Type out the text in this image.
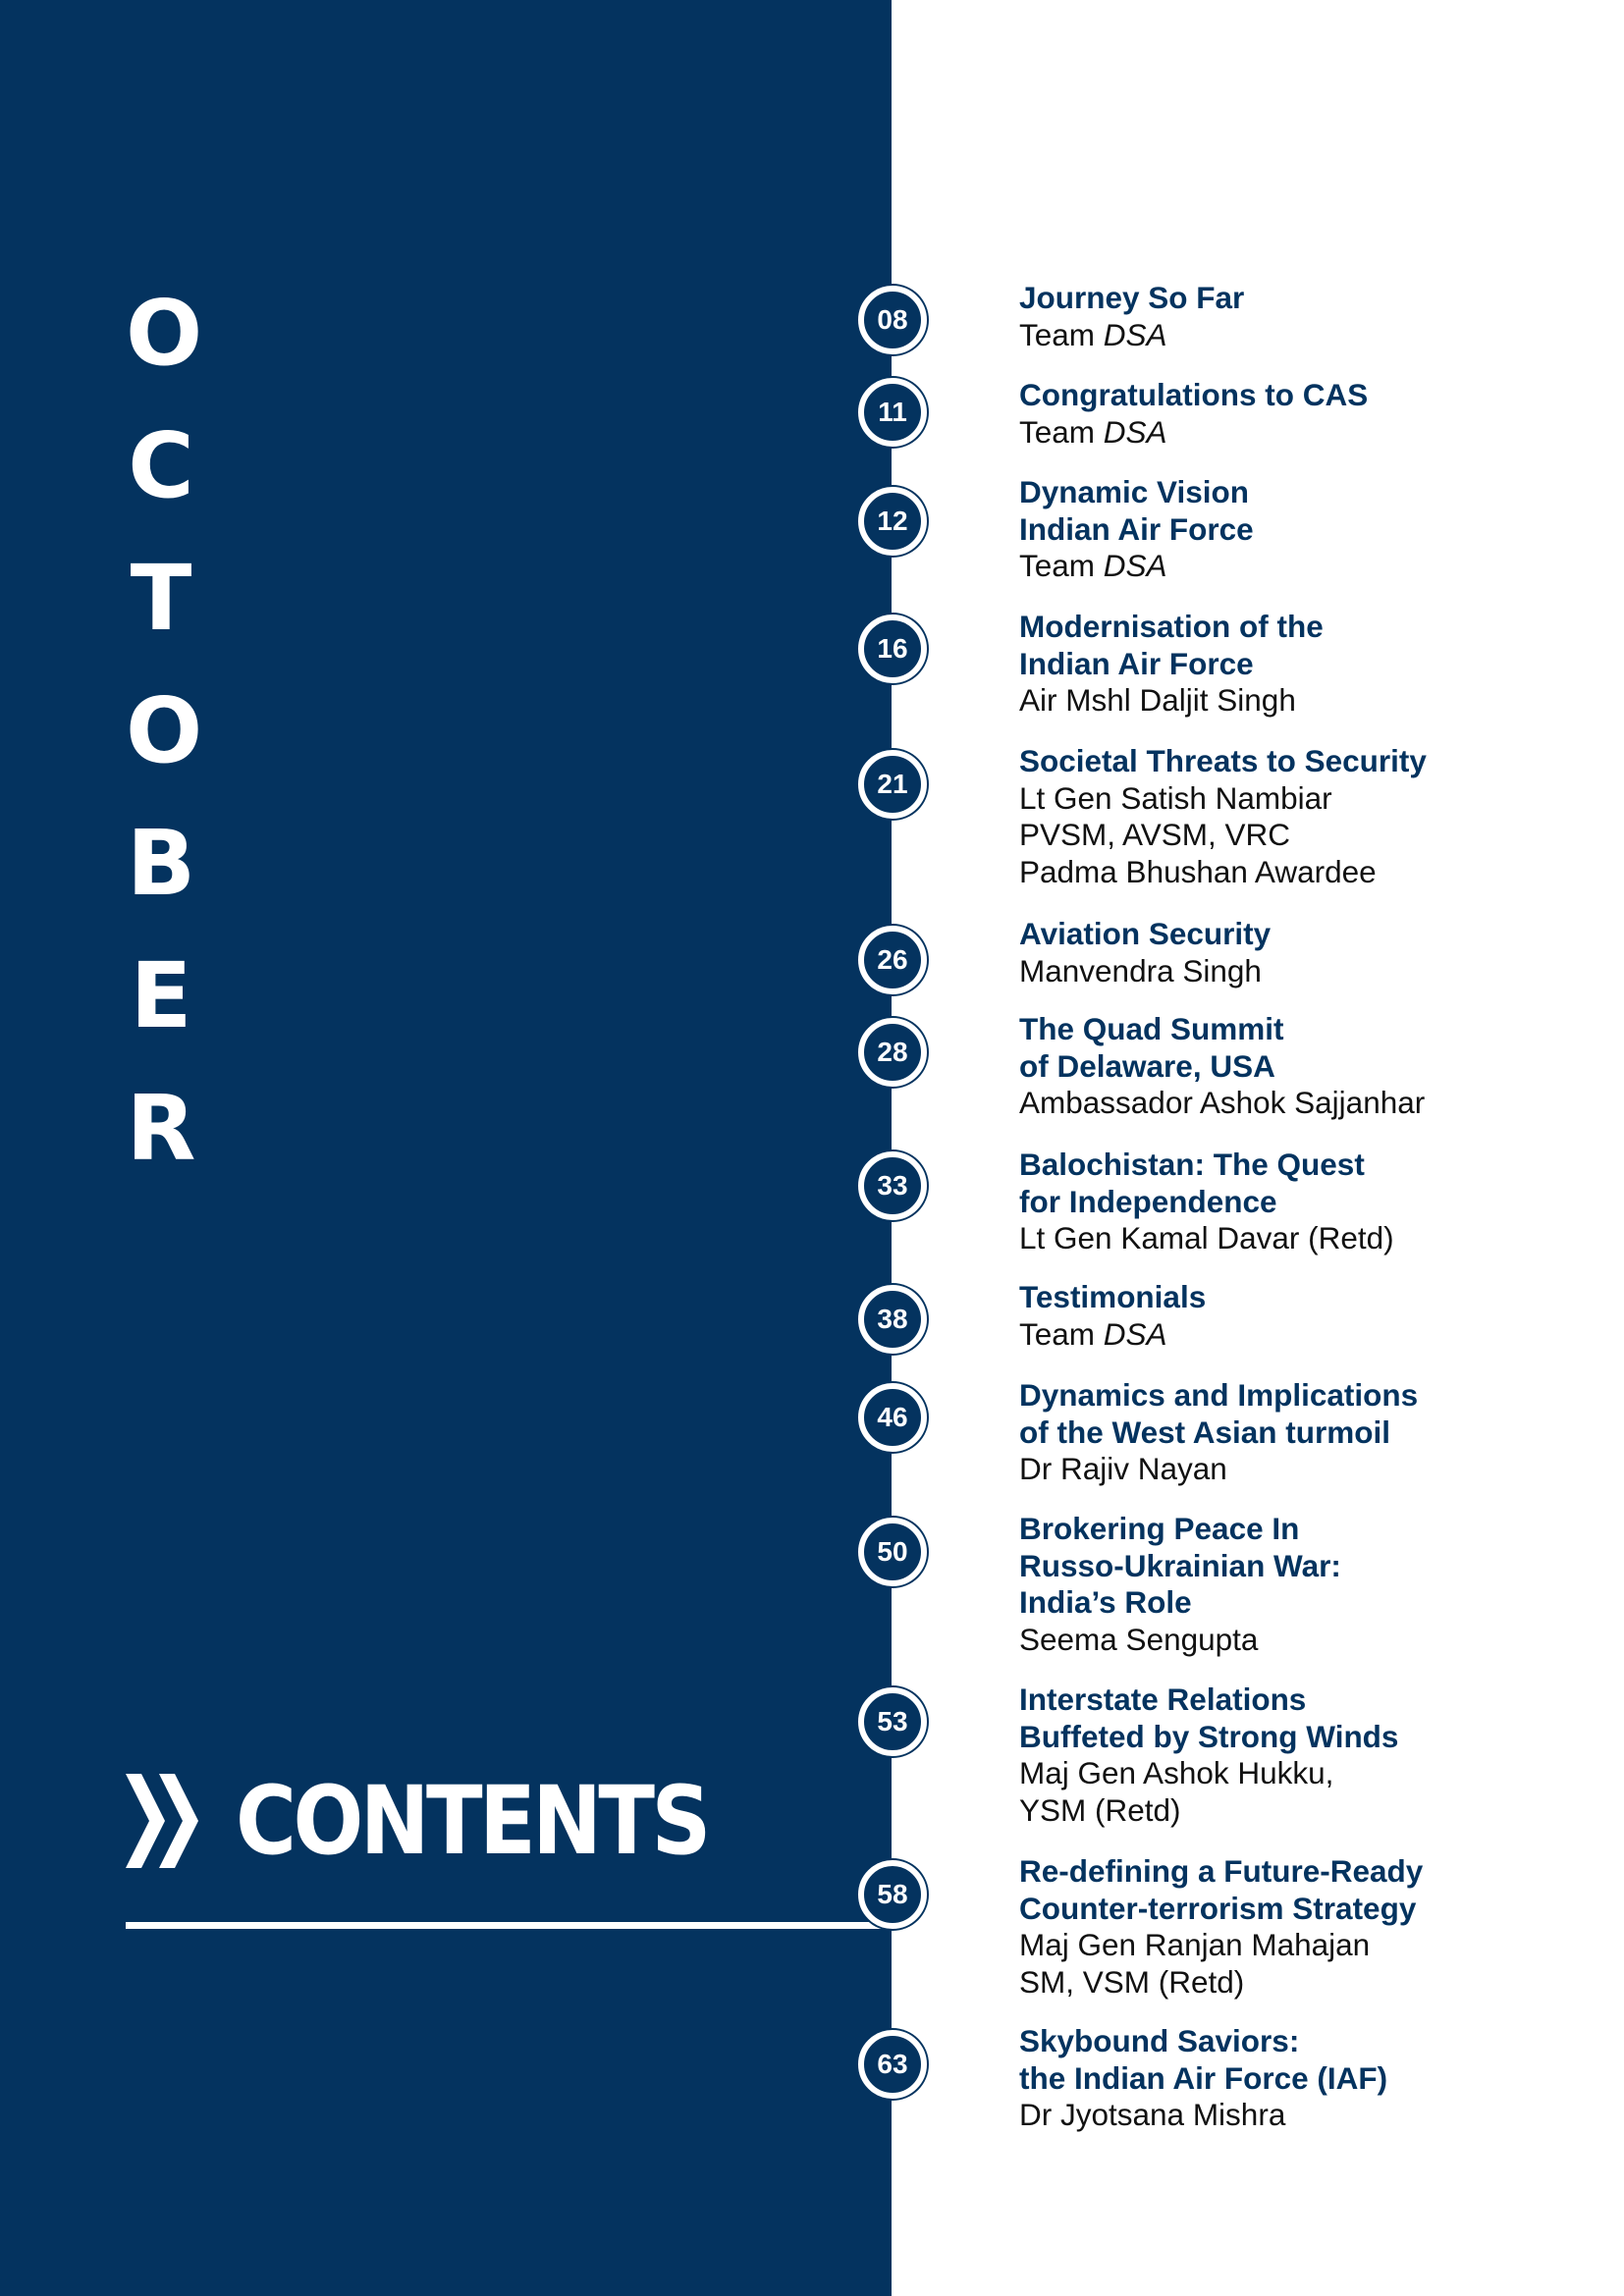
O
C
T
O
B
E
R
CONTENTS
08
Journey So Far
Team DSA
11	Congratulations to CAS
Team DSA
12
Dynamic Vision
Indian Air Force
Team DSA
16
Modernisation of the
Indian Air Force
Air Mshl Daljit Singh
21
Societal Threats to Security
Lt Gen Satish Nambiar
PVSM, AVSM, VRC
Padma Bhushan Awardee
26
Aviation Security
Manvendra Singh
28
The Quad Summit
of Delaware, USA
Ambassador Ashok Sajjanhar
33
Balochistan: The Quest
for Independence
Lt Gen Kamal Davar (Retd)
38
Testimonials
Team DSA
46
Dynamics and Implications
of the West Asian turmoil
Dr Rajiv Nayan
50
Brokering Peace In
Russo-Ukrainian War:
India’s Role
Seema Sengupta
53
Interstate Relations
Buffeted by Strong Winds
Maj Gen Ashok Hukku,
YSM (Retd)
58
Re-defining a Future-Ready
Counter-terrorism Strategy
Maj Gen Ranjan Mahajan
SM, VSM (Retd)
63
Skybound Saviors:
the Indian Air Force (IAF)
Dr Jyotsana Mishra
